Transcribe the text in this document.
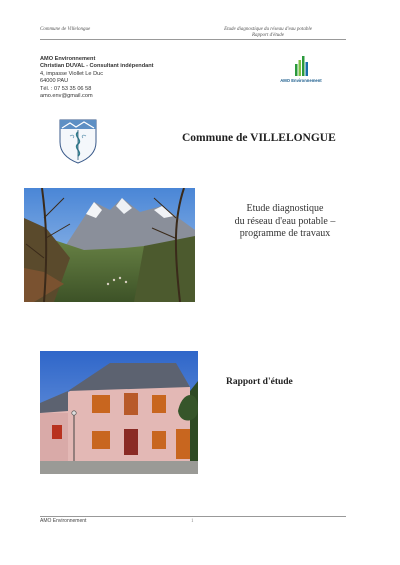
Commune de Villelongue	Etude diagnostique du réseau d'eau potable
Rapport d'étude
AMO Environnement
Christian DUVAL - Consultant indépendant
4, impasse Viollet Le Duc
64000 PAU
Tél. : 07 53 35 06 58
amo.env@gmail.com
AMO Environnement
Commune de VILLELONGUE
Etude diagnostique
du réseau d'eau potable –
programme de travaux
Rapport d'étude
AMO Environnement	1
